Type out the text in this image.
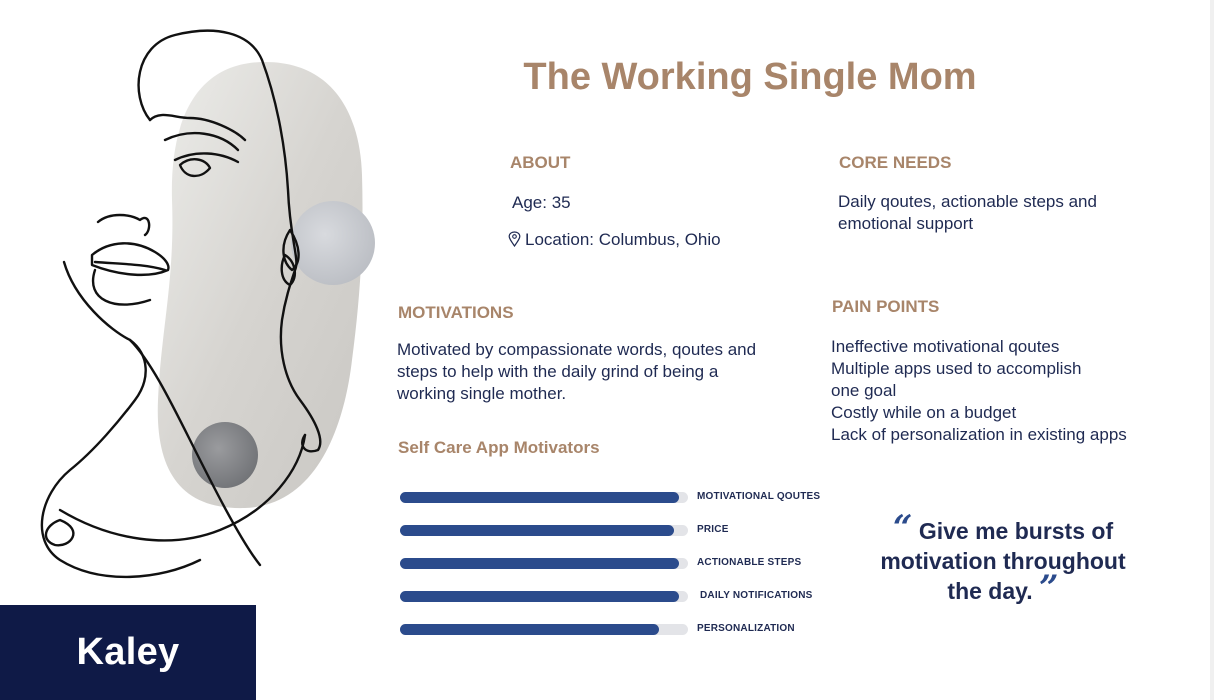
Kaley
The Working Single Mom
ABOUT
Age: 35
Location: Columbus, Ohio
CORE NEEDS
Daily qoutes, actionable steps and
emotional support
MOTIVATIONS
Motivated by compassionate words, qoutes and
steps to help with the daily grind of being a
working single mother.
PAIN POINTS
Ineffective motivational qoutes
Multiple apps used to accomplish
one goal
Costly while on a budget
Lack of personalization in existing apps
Self Care App Motivators
MOTIVATIONAL QOUTES
PRICE
ACTIONABLE STEPS
DAILY NOTIFICATIONS
PERSONALIZATION
“ Give me bursts of
motivation throughout
the day. ”
